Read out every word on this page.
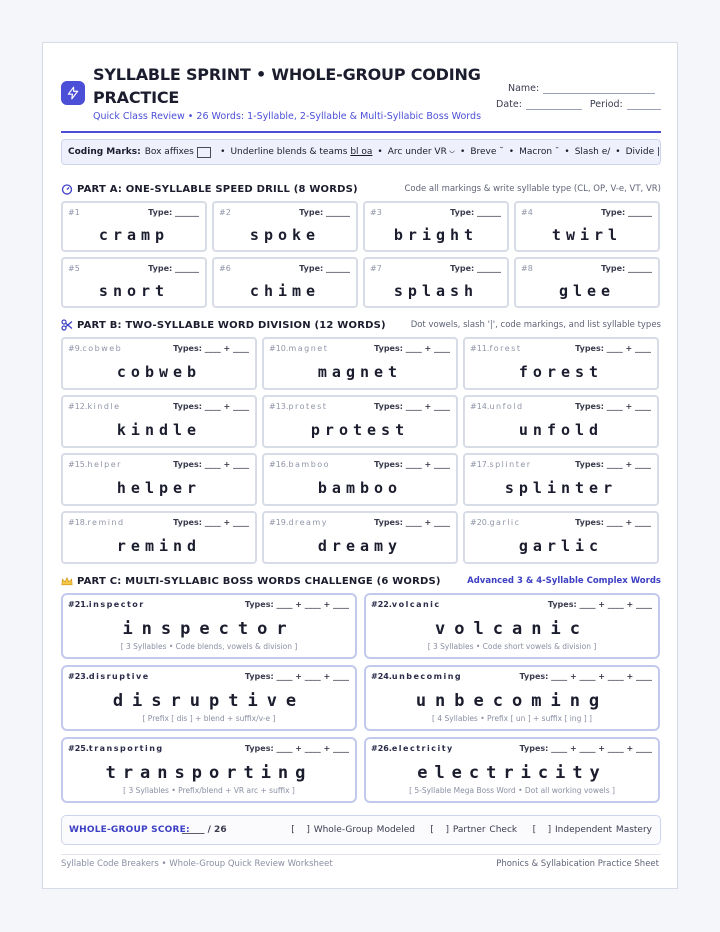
SYLLABLE SPRINT • WHOLE-GROUP CODING PRACTICE
Quick Class Review • 26 Words: 1-Syllable, 2-Syllable & Multi-Syllabic Boss Words
Name:
Date:	Period:
Coding Marks: Box affixes	• Underline blends & teams
bl oa • Arc under VR • Breve ˘ • Macron ¯ • Slash e/ • Divide |
PART A: ONE-SYLLABLE SPEED DRILL (8 WORDS)	Code all markings & write syllable type (CL, OP, V-e, VT, VR)
#1	Type: ______
cramp
#2	Type: ______
spoke
#3	Type: ______
bright
#4	Type: ______
twirl
#5	Type: ______
snort
#6	Type: ______
chime
#7	Type: ______
splash
#8	Type: ______
glee
PART B: TWO-SYLLABLE WORD DIVISION (12 WORDS)	Dot vowels, slash '|', code markings, and list syllable types
#9.cobweb	Types: ____ + ____
cobweb
#10.magnet	Types: ____ + ____
magnet
#11.forest	Types: ____ + ____
forest
#12.kindle	Types: ____ + ____
kindle
#13.protest	Types: ____ + ____
protest
#14.unfold	Types: ____ + ____
unfold
#15.helper	Types: ____ + ____
helper
#16.bamboo	Types: ____ + ____
bamboo
#17.splinter	Types: ____ + ____
splinter
#18.remind	Types: ____ + ____
remind
#19.dreamy	Types: ____ + ____
dreamy
#20.garlic	Types: ____ + ____
garlic
PART C: MULTI-SYLLABIC BOSS WORDS CHALLENGE (6 WORDS)	Advanced 3 & 4-Syllable Complex Words
#21.inspector	Types: ____ + ____ + ____
inspector
[ 3 Syllables • Code blends, vowels & division ]
#22.volcanic	Types: ____ + ____ + ____
volcanic
[ 3 Syllables • Code short vowels & division ]
#23.disruptive	Types: ____ + ____ + ____
disruptive
[ Prefix [ dis ] + blend + suffix/v-e ]
#24.unbecoming	Types: ____ + ____ + ____ + ____
unbecoming
[ 4 Syllables • Prefix [ un ] + suffix [ ing ] ]
#25.transporting	Types: ____ + ____ + ____
transporting
[ 3 Syllables • Prefix/blend + VR arc + suffix ]
#26.electricity	Types: ____ + ____ + ____ + ____
electricity
[ 5-Syllable Mega Boss Word • Dot all working vowels ]
WHOLE-GROUP SCORE:
_____ / 26	[   ] Whole-Group Modeled    [   ] Partner Check    [   ] Independent Mastery
Syllable Code Breakers • Whole-Group Quick Review Worksheet	Phonics & Syllabication Practice Sheet
